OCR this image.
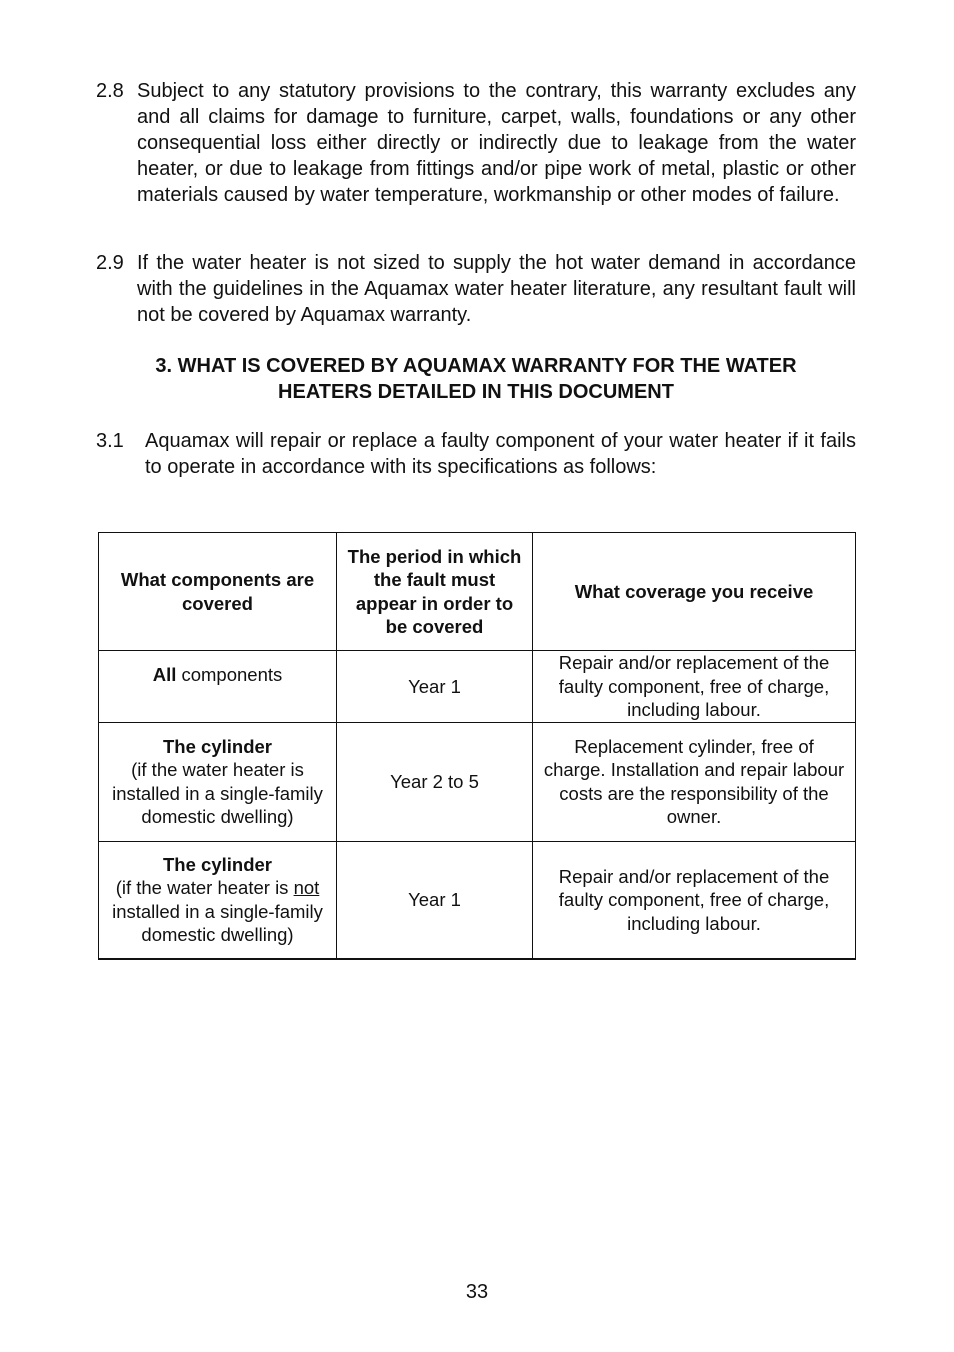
2.8 Subject to any statutory provisions to the contrary, this warranty excludes any and all claims for damage to furniture, carpet, walls, foundations or any other consequential loss either directly or indirectly due to leakage from the water heater, or due to leakage from fittings and/or pipe work of metal, plastic or other materials caused by water temperature, workmanship or other modes of failure.
2.9 If the water heater is not sized to supply the hot water demand in accordance with the guidelines in the Aquamax water heater literature, any resultant fault will not be covered by Aquamax warranty.
3. WHAT IS COVERED BY AQUAMAX WARRANTY FOR THE WATER
HEATERS DETAILED IN THIS DOCUMENT
3.1 Aquamax will repair or replace a faulty component of your water heater if it fails to operate in accordance with its specifications as follows:
What components are covered	The period in which the fault must appear in order to be covered	What coverage you receive
All components	Year 1	Repair and/or replacement of the faulty component, free of charge, including labour.

The cylinder
(if the water heater is installed in a single-family domestic dwelling)	Year 2 to 5	Replacement cylinder, free of charge. Installation and repair labour costs are the responsibility of the owner.

The cylinder
(if the water heater is not installed in a single-family domestic dwelling)	Year 1	Repair and/or replacement of the faulty component, free of charge, including labour.
33
